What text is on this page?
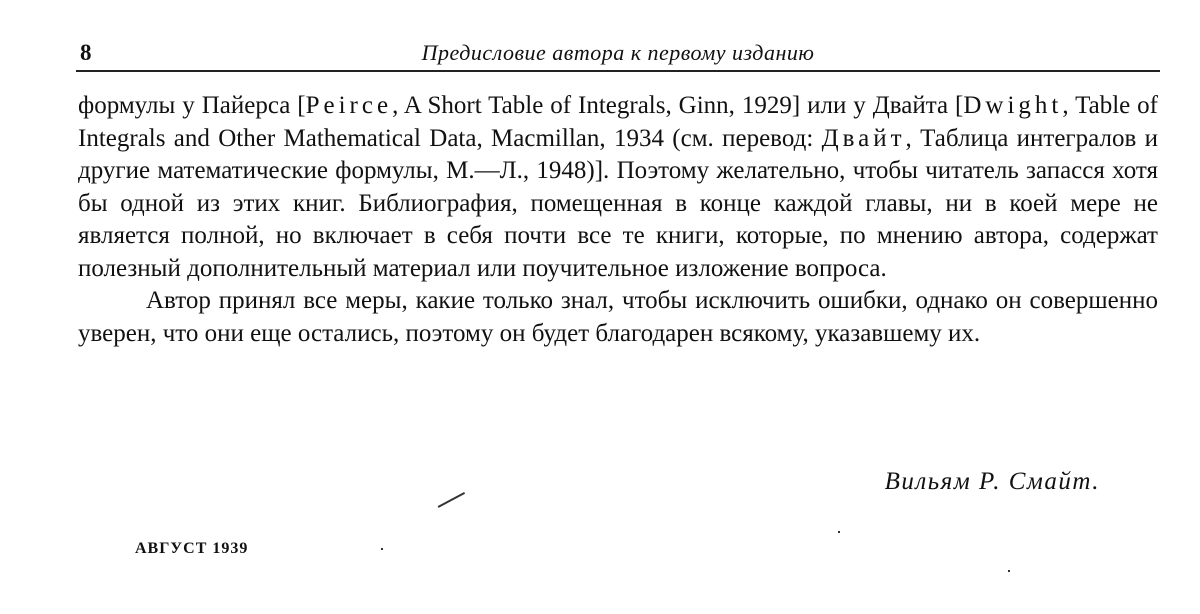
8	Предисловие автора к первому изданию

формулы у Пайерса [Peirce, A Short Table of Integrals, Ginn, 1929] или у Двайта [Dwight, Table of Integrals and Other Mathematical Data, Macmillan, 1934 (см. перевод: Двайт, Таблица интегралов и другие математические формулы, М.—Л., 1948)]. Поэтому желательно, чтобы читатель запасся хотя бы одной из этих книг. Библиография, помещенная в конце каждой главы, ни в коей мере не является полной, но включает в себя почти все те книги, которые, по мнению автора, содержат полезный дополнительный материал или поучительное изложение вопроса.

Автор принял все меры, какие только знал, чтобы исключить ошибки, однако он совершенно уверен, что они еще остались, поэтому он будет благодарен всякому, указавшему их.

Вильям Р. Смайт.
АВГУСТ 1939
